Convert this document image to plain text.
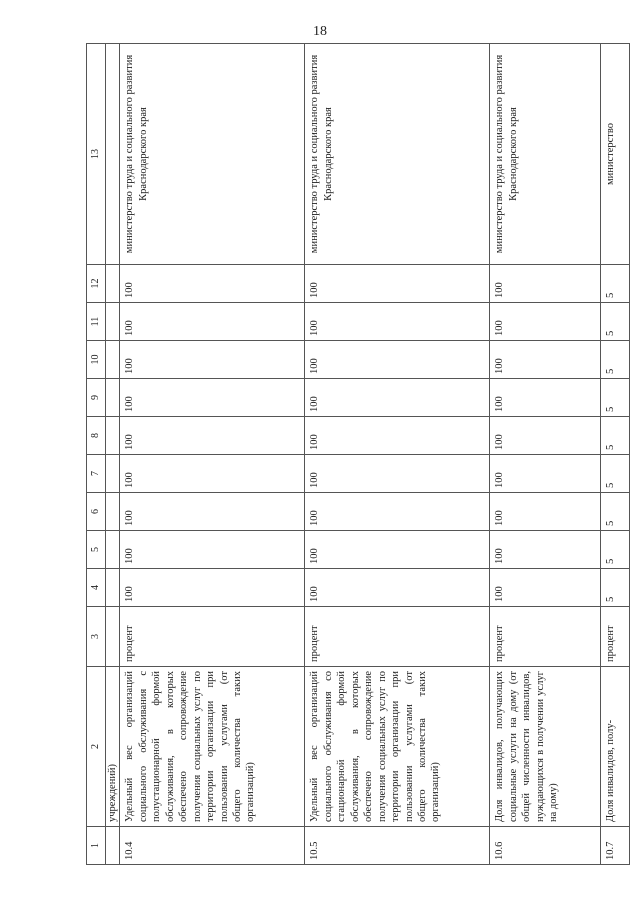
18
1	2	3	4	5	6	7	8	9	10	11	12	13
	учреждений)											
10.4	Удельный вес организаций социального обслуживания с полустационарной формой обслуживания, в которых обеспечено сопровождение получения социальных услуг по территории организации при пользовании услугами (от общего количества таких организаций)	процент	100	100	100	100	100	100	100	100	100	министерство труда и социального развития Краснодарского края
10.5	Удельный вес организаций социального обслуживания со стационарной формой обслуживания, в которых обеспечено сопровождение получения социальных услуг по территории организации при пользовании услугами (от общего количества таких организаций)	процент	100	100	100	100	100	100	100	100	100	министерство труда и социального развития Краснодарского края
10.6	Доля инвалидов, получающих социальные услуги на дому (от общей численности инвалидов, нуждающихся в получении услуг на дому)	процент	100	100	100	100	100	100	100	100	100	министерство труда и социального развития Краснодарского края
10.7	Доля инвалидов, полу-	процент	5	5	5	5	5	5	5	5	5	министерство
